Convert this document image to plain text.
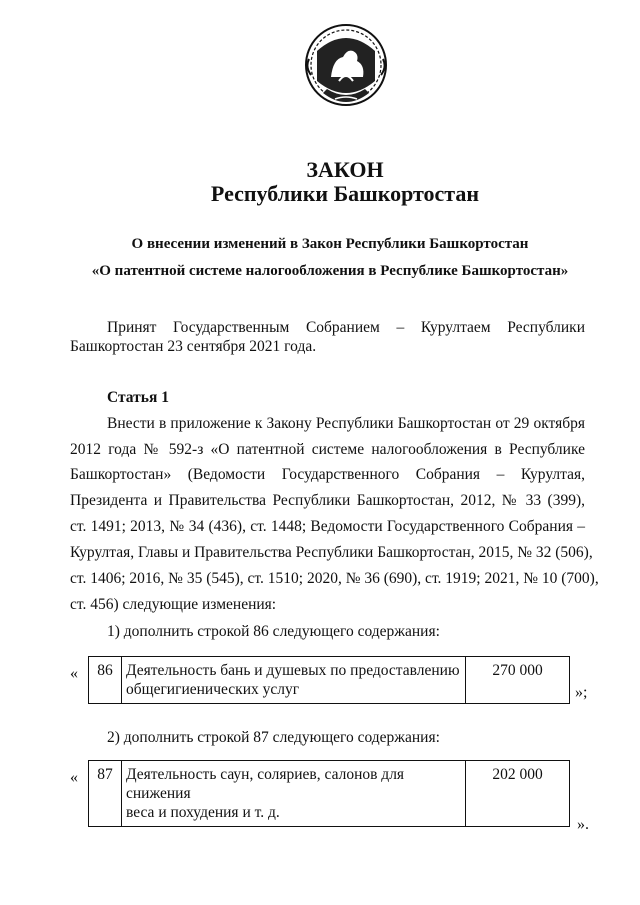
ЗАКОН
Республики Башкортостан
О внесении изменений в Закон Республики Башкортостан
«О патентной системе налогообложения в Республике Башкортостан»
Принят Государственным Собранием – Курултаем Республики
Башкортостан 23 сентября 2021 года.
Статья 1
Внести в приложение к Закону Республики Башкортостан от 29 октября
2012 года № 592-з «О патентной системе налогообложения в Республике
Башкортостан» (Ведомости Государственного Собрания – Курултая,
Президента и Правительства Республики Башкортостан, 2012, № 33 (399),
ст. 1491; 2013, № 34 (436), ст. 1448; Ведомости Государственного Собрания –
Курултая, Главы и Правительства Республики Башкортостан, 2015, № 32 (506),
ст. 1406; 2016, № 35 (545), ст. 1510; 2020, № 36 (690), ст. 1919; 2021, № 10 (700),
ст. 456) следующие изменения:
1) дополнить строкой 86 следующего содержания:
« 86	Деятельность бань и душевых по предоставлению
общегигиенических услуг	270 000
»;
2) дополнить строкой 87 следующего содержания:
« 87	Деятельность саун, соляриев, салонов для снижения
веса и похудения и т. д.	202 000
».
